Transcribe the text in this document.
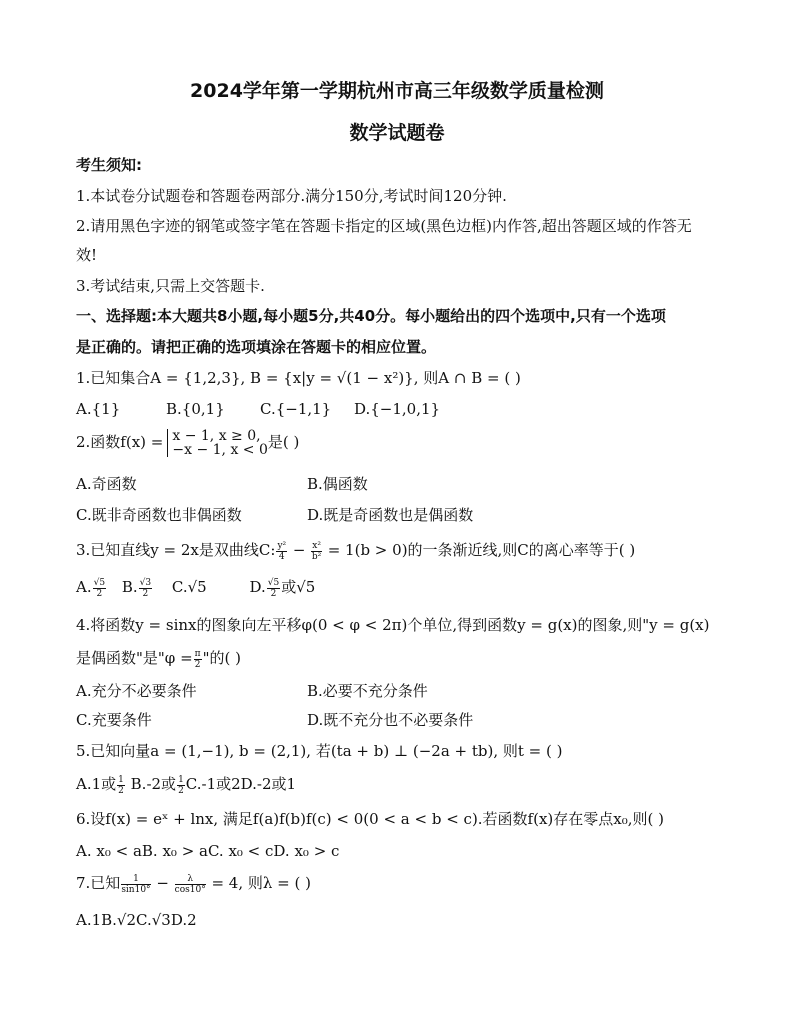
2024学年第一学期杭州市高三年级数学质量检测
数学试题卷
考生须知:
1.本试卷分试题卷和答题卷两部分.满分150分,考试时间120分钟.
2.请用黑色字迹的钢笔或签字笔在答题卡指定的区域(黑色边框)内作答,超出答题区域的作答无
效!
3.考试结束,只需上交答题卡.
一、选择题:本大题共8小题,每小题5分,共40分。每小题给出的四个选项中,只有一个选项
是正确的。请把正确的选项填涂在答题卡的相应位置。
1.已知集合A = {1,2,3}, B = {x|y = √(1 − x²)}, 则A ∩ B = ( )
A.{1}	B.{0,1} C.{−1,1} D.{−1,0,1}
2.函数f(x) = x − 1, x ≥ 0,
−x − 1, x < 0 是( )
A.奇函数	B.偶函数
C.既非奇函数也非偶函数	D.既是奇函数也是偶函数
3.已知直线y = 2x是双曲线C: $\frac{\text{y²}}{4} - \frac{\text{x²}}{\text{b²}} = 1(b > 0)$的一条渐近线,则C的离心率等于( )
A. $\frac{√5}{2} B$. $\frac{√3}{2} C.√5$	D. $\frac{√5}{2}$ 或√5
4.将函数y = sinx的图象向左平移φ(0 < φ < 2π)个单位,得到函数y = g(x)的图象,则"y = g(x)
是偶函数"是"$\varphi = \frac{\pi}{2}$ "的( )
A.充分不必要条件	B.必要不充分条件
C.充要条件	D.既不充分也不必要条件
5.已知向量a = (1,−1), b = (2,1), 若(ta + b) ⊥ (−2a + tb), 则t = ( )
A.1或 $\frac{1}{2} B.-2$或 $\frac{1}{2} C.-1$或2D.-2或1
6.设f(x) = eˣ + lnx, 满足f(a)f(b)f(c) < 0(0 < a < b < c).若函数f(x)存在零点x₀,则( )
A. x₀ < aB. x₀ > aC. x₀ < cD. x₀ > c
7.已知 $\frac{1}{\sin 10^\circ} - \frac{\lambda}{\cos 10^\circ} = 4$, 则λ = ( )
A.1B.√2C.√3D.2
